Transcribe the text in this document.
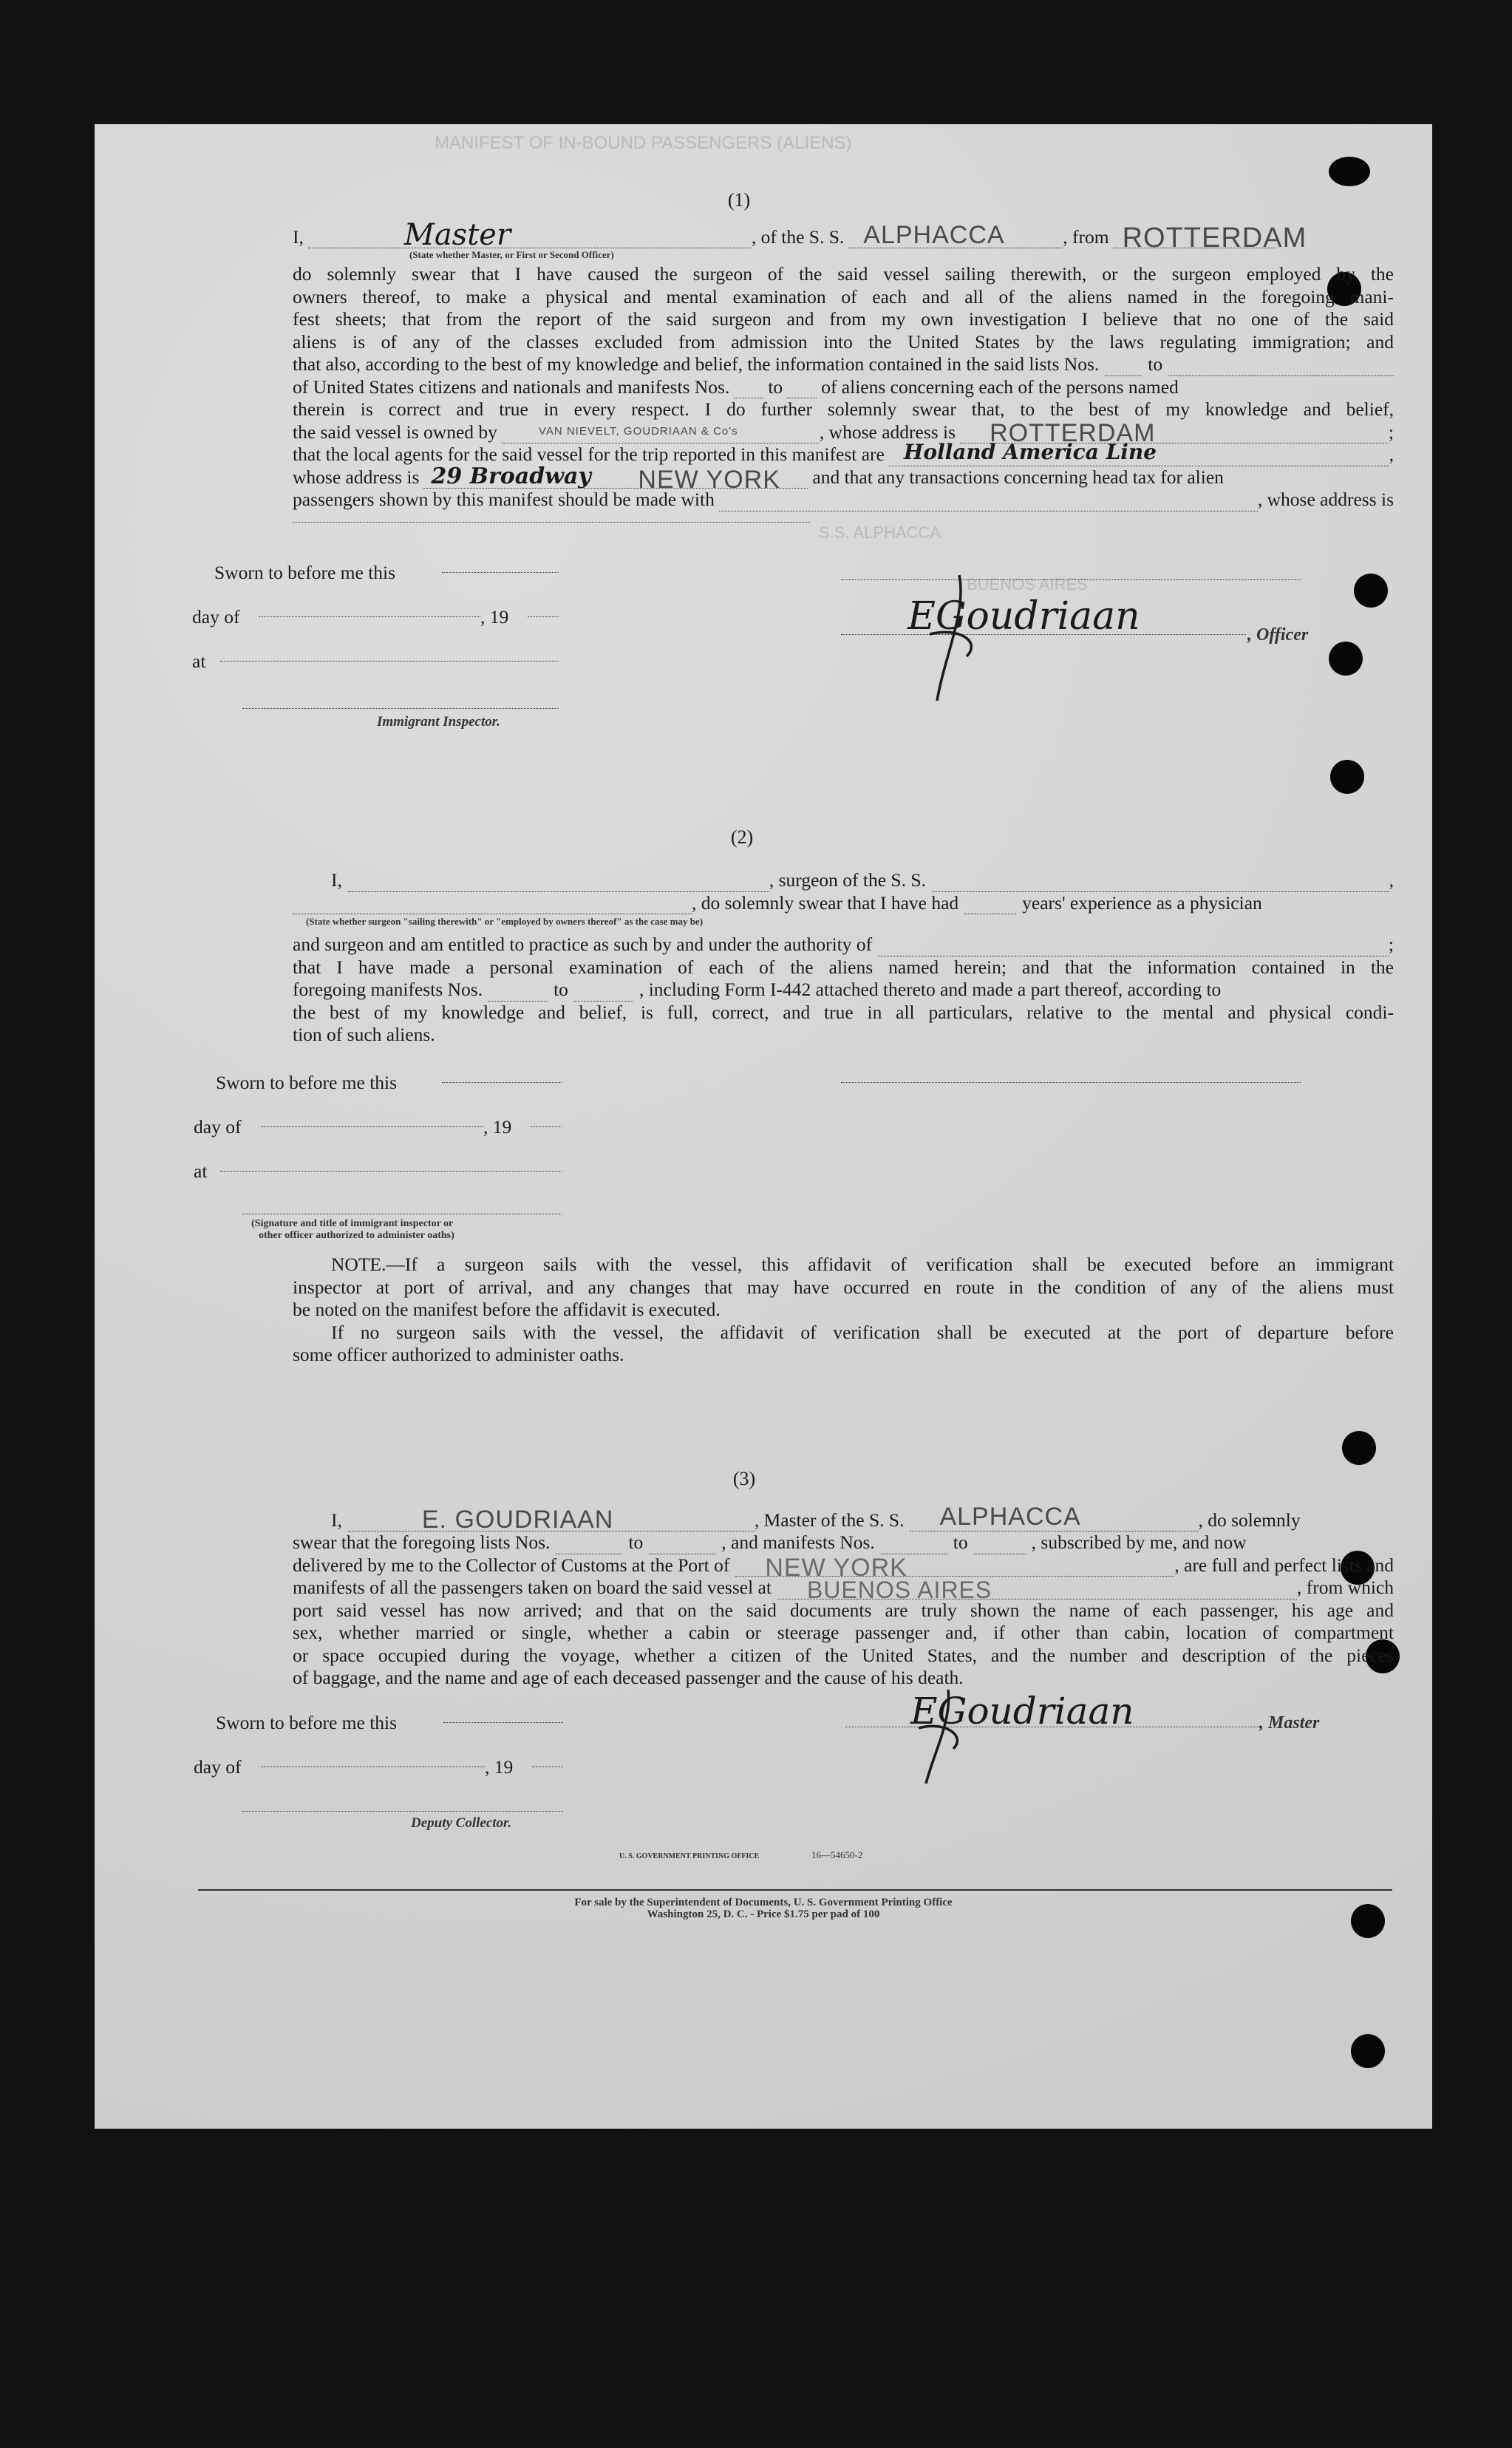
MANIFEST OF IN-BOUND PASSENGERS (ALIENS)
S.S. ALPHACCA
BUENOS AIRES
(1)
I,	Master	, of the S. S. ALPHACCA	, from ROTTERDAM
(State whether Master, or First or Second Officer)
do solemnly swear that I have caused the surgeon of the said vessel sailing therewith, or the surgeon employed by the
owners thereof, to make a physical and mental examination of each and all of the aliens named in the foregoing mani-
fest sheets; that from the report of the said surgeon and from my own investigation I believe that no one of the said
aliens is of any of the classes excluded from admission into the United States by the laws regulating immigration; and
that also, according to the best of my knowledge and belief, the information contained in the said lists Nos.	to
of United States citizens and nationals and manifests Nos. to of aliens concerning each of the persons named
therein is correct and true in every respect. I do further solemnly swear that, to the best of my knowledge and belief,
the said vessel is owned by	VAN NIEVELT, GOUDRIAAN & Co's	, whose address is ROTTERDAM	;
that the local agents for the said vessel for the trip reported in this manifest are Holland America Line	,
whose address is 29 Broadway NEW YORK and that any transactions concerning head tax for alien
passengers shown by this manifest should be made with	, whose address is
Sworn to before me this
day of	, 19
at
Immigrant Inspector.
EGoudriaan	, Officer
(2)
I,	, surgeon of the S. S.	,
, do solemnly swear that I have had	years' experience as a physician
(State whether surgeon "sailing therewith" or "employed by owners thereof" as the case may be)
and surgeon and am entitled to practice as such by and under the authority of	;
that I have made a personal examination of each of the aliens named herein; and that the information contained in the
foregoing manifests Nos.	to	, including Form I-442 attached thereto and made a part thereof, according to
the best of my knowledge and belief, is full, correct, and true in all particulars, relative to the mental and physical condi-
tion of such aliens.
Sworn to before me this
day of	, 19
at
(Signature and title of immigrant inspector or
other officer authorized to administer oaths)
NOTE.—If a surgeon sails with the vessel, this affidavit of verification shall be executed before an immigrant
inspector at port of arrival, and any changes that may have occurred en route in the condition of any of the aliens must
be noted on the manifest before the affidavit is executed.
If no surgeon sails with the vessel, the affidavit of verification shall be executed at the port of departure before
some officer authorized to administer oaths.
(3)
I,	E. GOUDRIAAN	, Master of the S. S. ALPHACCA	, do solemnly
swear that the foregoing lists Nos.	to	, and manifests Nos.	to	, subscribed by me, and now
delivered by me to the Collector of Customs at the Port of NEW YORK	, are full and perfect lists and
manifests of all the passengers taken on board the said vessel at BUENOS AIRES	, from which
port said vessel has now arrived; and that on the said documents are truly shown the name of each passenger, his age and
sex, whether married or single, whether a cabin or steerage passenger and, if other than cabin, location of compartment
or space occupied during the voyage, whether a citizen of the United States, and the number and description of the pieces
of baggage, and the name and age of each deceased passenger and the cause of his death.
Sworn to before me this
day of	, 19
Deputy Collector.
EGoudriaan	, Master
U. S. GOVERNMENT PRINTING OFFICE	16—54650-2
For sale by the Superintendent of Documents, U. S. Government Printing Office
Washington 25, D. C. - Price $1.75 per pad of 100
